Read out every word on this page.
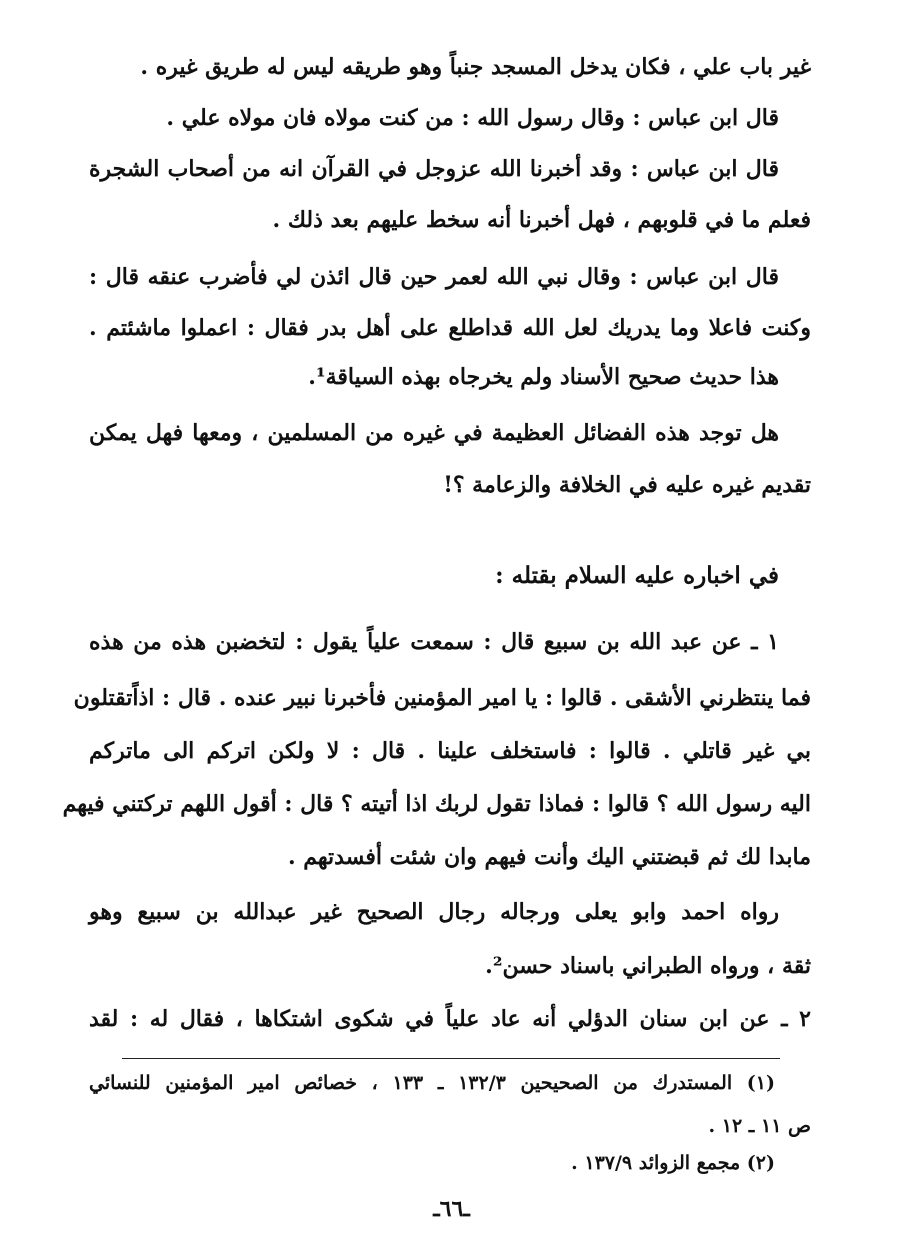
غير باب علي ، فكان يدخل المسجد جنباً وهو طريقه ليس له طريق غيره .
قال ابن عباس : وقال رسول الله : من كنت مولاه فان مولاه علي .
قال ابن عباس : وقد أخبرنا الله عزوجل في القرآن انه من أصحاب الشجرة
فعلم ما في قلوبهم ، فهل أخبرنا أنه سخط عليهم بعد ذلك .
قال ابن عباس : وقال نبي الله لعمر حين قال ائذن لي فأضرب عنقه قال :
وكنت فاعلا وما يدريك لعل الله قداطلع على أهل بدر فقال : اعملوا ماشئتم .
هذا حديث صحيح الأسناد ولم يخرجاه بهذه السياقة¹.
هل توجد هذه الفضائل العظيمة في غيره من المسلمين ، ومعها فهل يمكن
تقديم غيره عليه في الخلافة والزعامة ؟!
في اخباره عليه السلام بقتله :
١ ـ عن عبد الله بن سبيع قال : سمعت علياً يقول : لتخضبن هذه من هذه
فما ينتظرني الأشقى . قالوا : يا امير المؤمنين فأخبرنا نبير عنده . قال : اذاًتقتلون
بي غير قاتلي . قالوا : فاستخلف علينا . قال : لا ولكن اتركم الى ماتركم
اليه رسول الله ؟ قالوا : فماذا تقول لربك اذا أتيته ؟ قال : أقول اللهم تركتني فيهم
مابدا لك ثم قبضتني اليك وأنت فيهم وان شئت أفسدتهم .
رواه احمد وابو يعلى ورجاله رجال الصحيح غير عبدالله بن سبيع وهو
ثقة ، ورواه الطبراني باسناد حسن².
٢ ـ عن ابن سنان الدؤلي أنه عاد علياً في شكوى اشتكاها ، فقال له : لقد
(١) المستدرك من الصحيحين ١٣٢/٣ ـ ١٣٣ ، خصائص امير المؤمنين للنسائي
ص ١١ ـ ١٢ .
(٢) مجمع الزوائد ١٣٧/٩ .
ـ٦٦ـ
